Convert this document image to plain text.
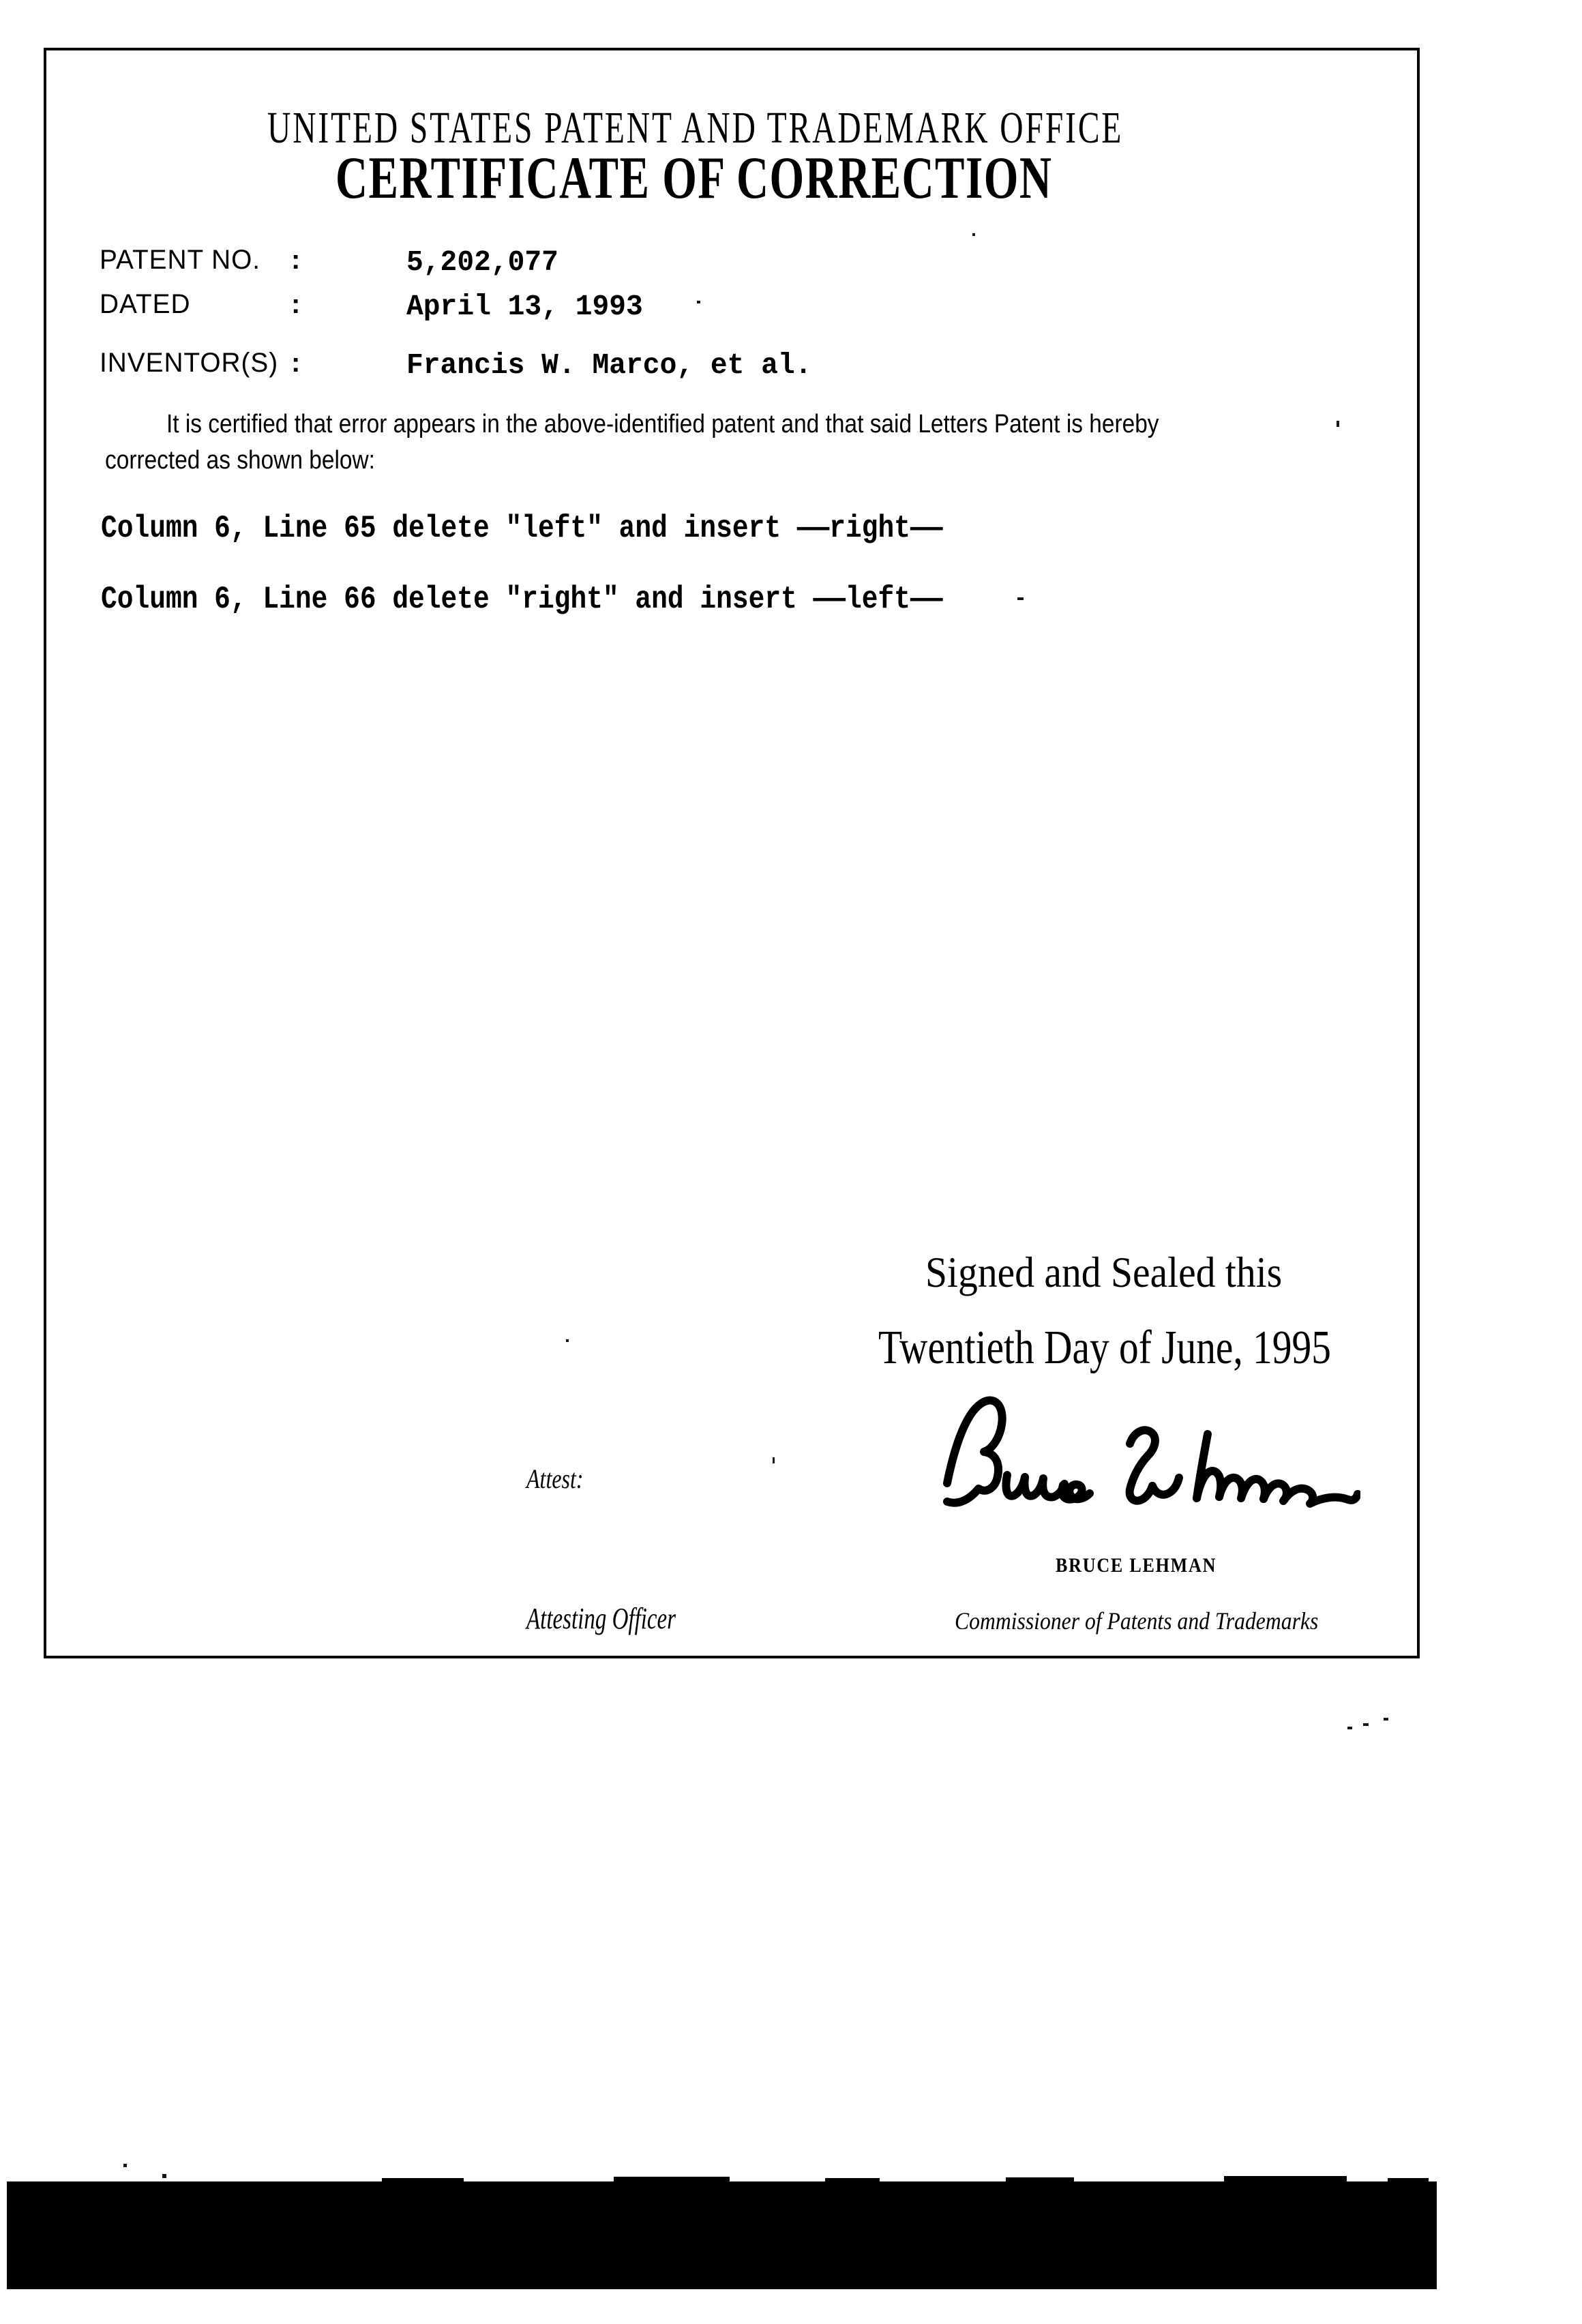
UNITED STATES PATENT AND TRADEMARK OFFICE
CERTIFICATE OF CORRECTION
PATENT NO. :	5,202,077
DATED	:	April 13, 1993
INVENTOR(S) :	Francis W. Marco, et al.
It is certified that error appears in the above-identified patent and that said Letters Patent is hereby
corrected as shown below:
Column 6, Line 65 delete "left" and insert ——right——
Column 6, Line 66 delete "right" and insert ——left——
Signed and Sealed this
Twentieth Day of June, 1995
Attest:
BRUCE LEHMAN
Attesting Officer	Commissioner of Patents and Trademarks
